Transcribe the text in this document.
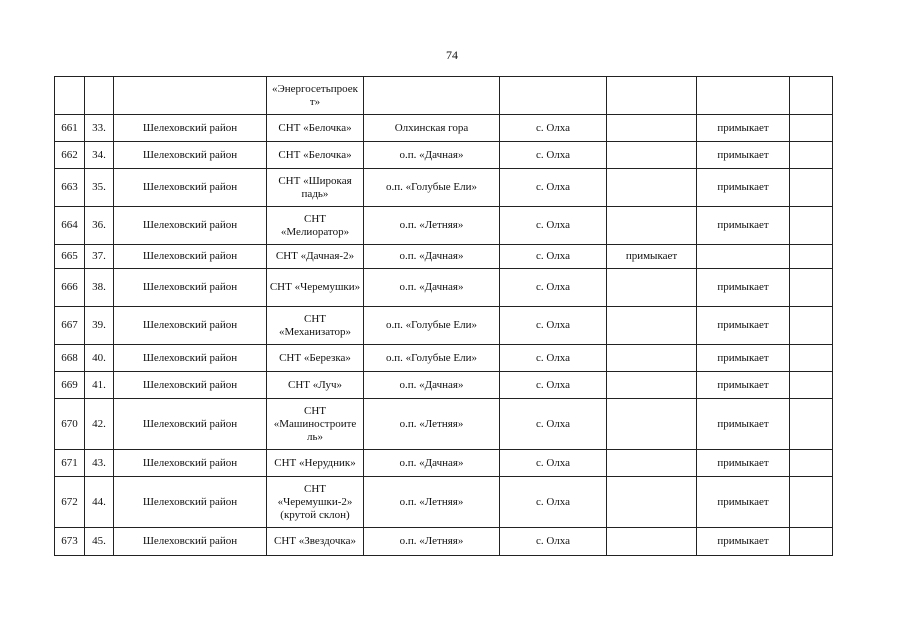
74
			«Энергосетьпроек т»					
661	33.	Шелеховский район	СНТ «Белочка»	Олхинская гора	с. Олха		примыкает	
662	34.	Шелеховский район	СНТ «Белочка»	о.п. «Дачная»	с. Олха		примыкает	
663	35.	Шелеховский район	СНТ «Широкая падь»	о.п. «Голубые Ели»	с. Олха		примыкает	
664	36.	Шелеховский район	СНТ «Мелиоратор»	о.п. «Летняя»	с. Олха		примыкает	
665	37.	Шелеховский район	СНТ «Дачная-2»	о.п. «Дачная»	с. Олха	примыкает		
666	38.	Шелеховский район	СНТ «Черемушки»	о.п. «Дачная»	с. Олха		примыкает	
667	39.	Шелеховский район	СНТ «Механизатор»	о.п. «Голубые Ели»	с. Олха		примыкает	
668	40.	Шелеховский район	СНТ «Березка»	о.п. «Голубые Ели»	с. Олха		примыкает	
669	41.	Шелеховский район	СНТ «Луч»	о.п. «Дачная»	с. Олха		примыкает	
670	42.	Шелеховский район	СНТ «Машиностроите ль»	о.п. «Летняя»	с. Олха		примыкает	
671	43.	Шелеховский район	СНТ «Нерудник»	о.п. «Дачная»	с. Олха		примыкает	
672	44.	Шелеховский район	СНТ «Черемушки-2» (крутой склон)	о.п. «Летняя»	с. Олха		примыкает	
673	45.	Шелеховский район	СНТ «Звездочка»	о.п. «Летняя»	с. Олха		примыкает	
